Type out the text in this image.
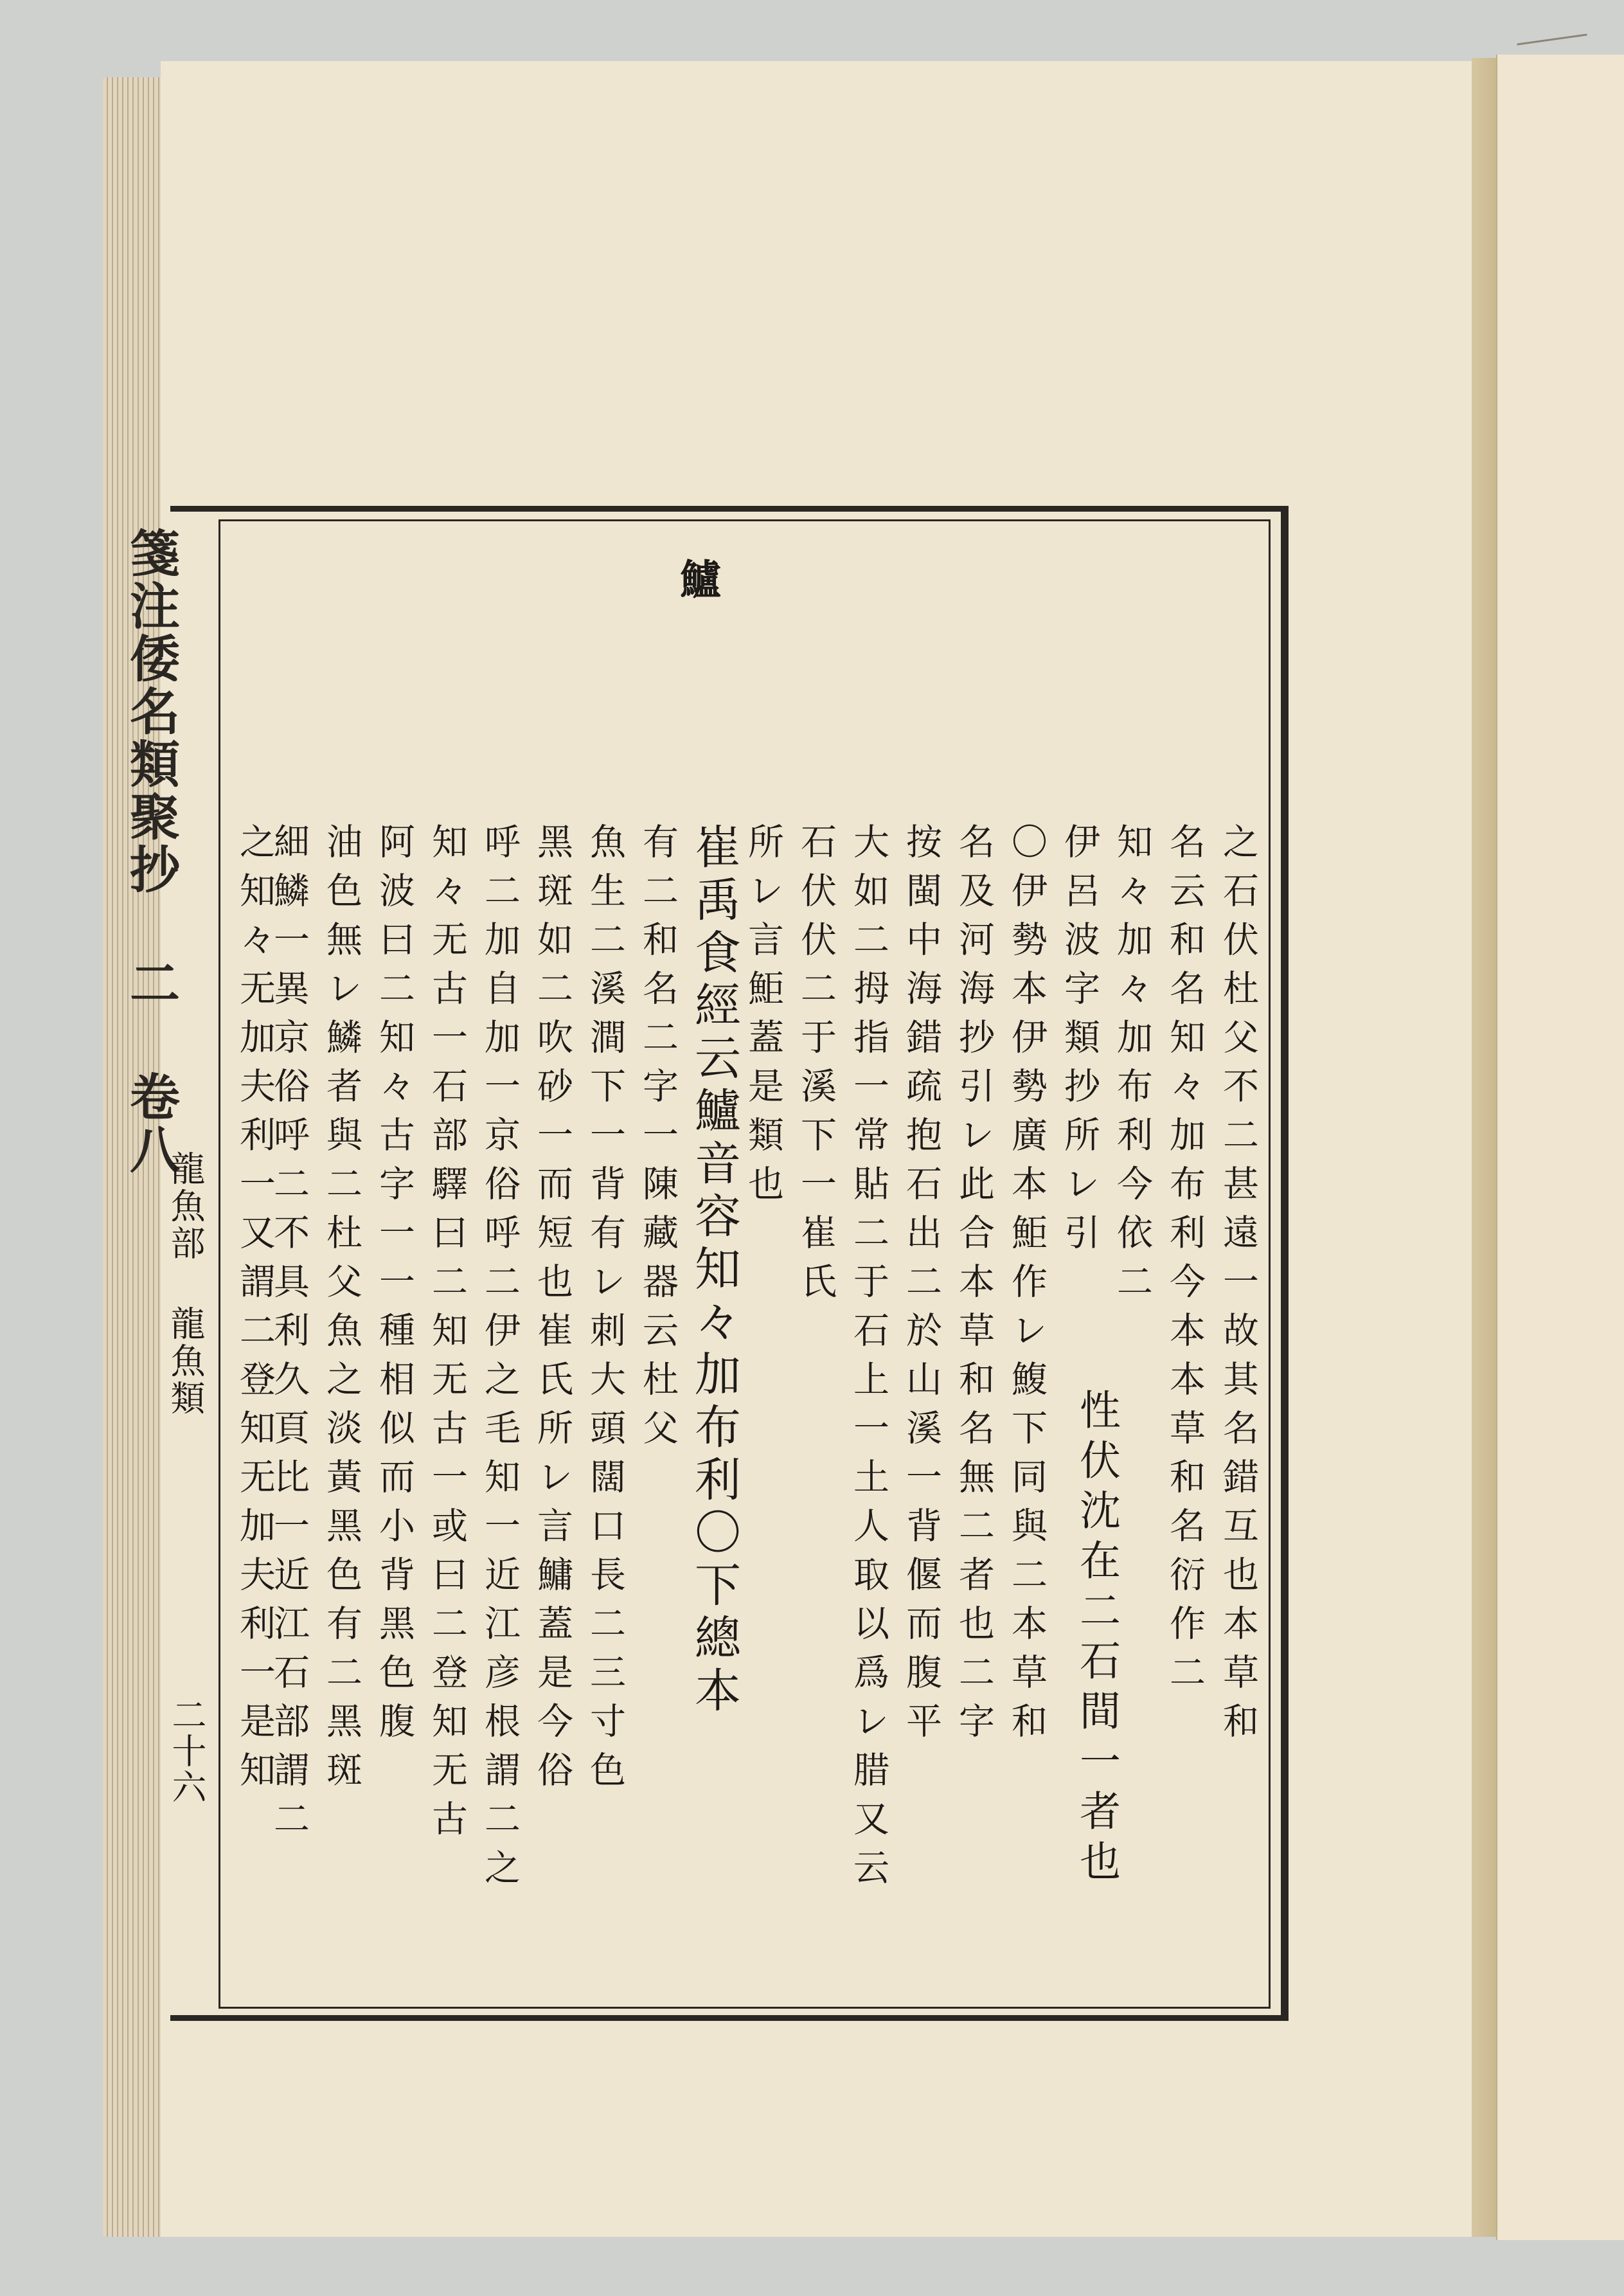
箋注倭名類聚抄 二 卷八
龍魚部 龍魚類
二十六
鱸
之石伏杜父不二甚遠一故其名錯互也本草和
名云和名知々加布利今本本草和名衍作二
知々加々加布利今依二
伊呂波字類抄所レ引
性伏沈在二石間一者也
〇伊勢本伊勢廣本鮔作レ鰒下同與二本草和
名及河海抄引レ此合本草和名無二者也二字
按閩中海錯疏抱石出二於山溪一背偃而腹平
大如二拇指一常貼二于石上一土人取以爲レ腊又云
石伏伏二于溪下一崔氏
所レ言鮔蓋是類也
崔禹食經云鱸音容知々加布利〇下總本
有二和名二字一陳藏器云杜父
魚生二溪澗下一背有レ刺大頭闊口長二三寸色
黑斑如二吹砂一而短也崔氏所レ言鱅蓋是今俗
呼二加自加一京俗呼二伊之毛知一近江彦根謂二之
知々无古一石部驛曰二知无古一或曰二登知无古
阿波曰二知々古字一一種相似而小背黑色腹
油色無レ鱗者與二杜父魚之淡黃黑色有二黑斑
細鱗一異京俗呼二不具利久頁比一近江石部謂二
之知々无加夫利一又謂二登知无加夫利一是知
